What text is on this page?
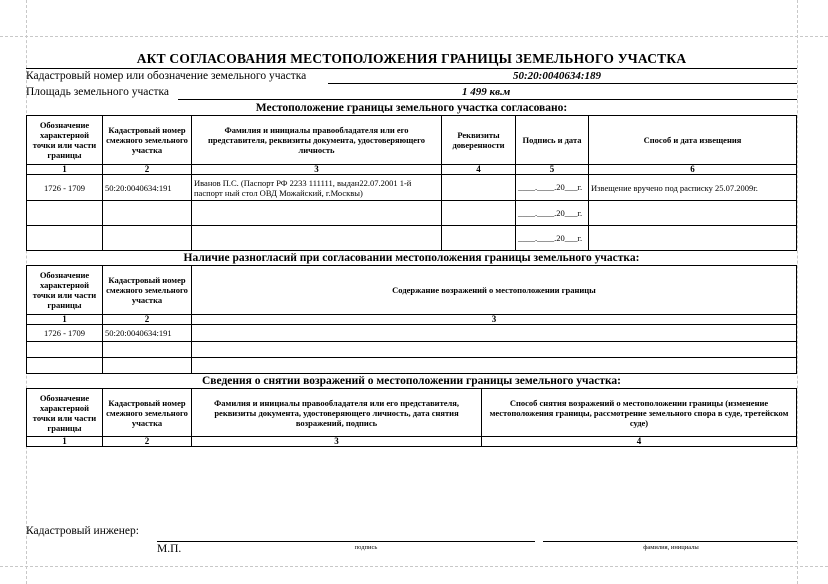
АКТ СОГЛАСОВАНИЯ МЕСТОПОЛОЖЕНИЯ ГРАНИЦЫ ЗЕМЕЛЬНОГО УЧАСТКА
Кадастровый номер или обозначение земельного участка	50:20:0040634:189
Площадь земельного участка	1 499 кв.м
Местоположение границы земельного участка согласовано:
Обозначение характерной точки или части границы	Кадастровый номер смежного земельного участка	Фамилия и инициалы правообладателя или его представителя, реквизиты документа, удостоверяющего личность	Реквизиты доверенности	Подпись и дата	Способ и дата извещения
1	2	3	4	5	6
1726 - 1709	50:20:0040634:191	Иванов П.С. (Паспорт РФ 2233 111111, выдан22.07.2001 1-й паспорт ный стол ОВД Можайский, г.Москвы)		____.____.20___г.	Извещение вручено под расписку 25.07.2009г.

				____.____.20___г.	

				____.____.20___г.	

Наличие разногласий при согласовании местоположения границы земельного участка:
Обозначение характерной точки или части границы	Кадастровый номер смежного земельного участка	Содержание возражений о местоположении границы
1	2	3
1726 - 1709	50:20:0040634:191	

Сведения о снятии возражений о местоположении границы земельного участка:
Обозначение характерной точки или части границы	Кадастровый номер смежного земельного участка	Фамилия и инициалы правообладателя или его представителя, реквизиты документа, удостоверяющего личность, дата снятия возражений, подпись	Способ снятия возражений о местоположении границы (изменение местоположения границы, рассмотрение земельного спора в суде, третейском суде)
1	2	3	4
Кадастровый инженер:
М.П.	подпись	фамилия, инициалы
